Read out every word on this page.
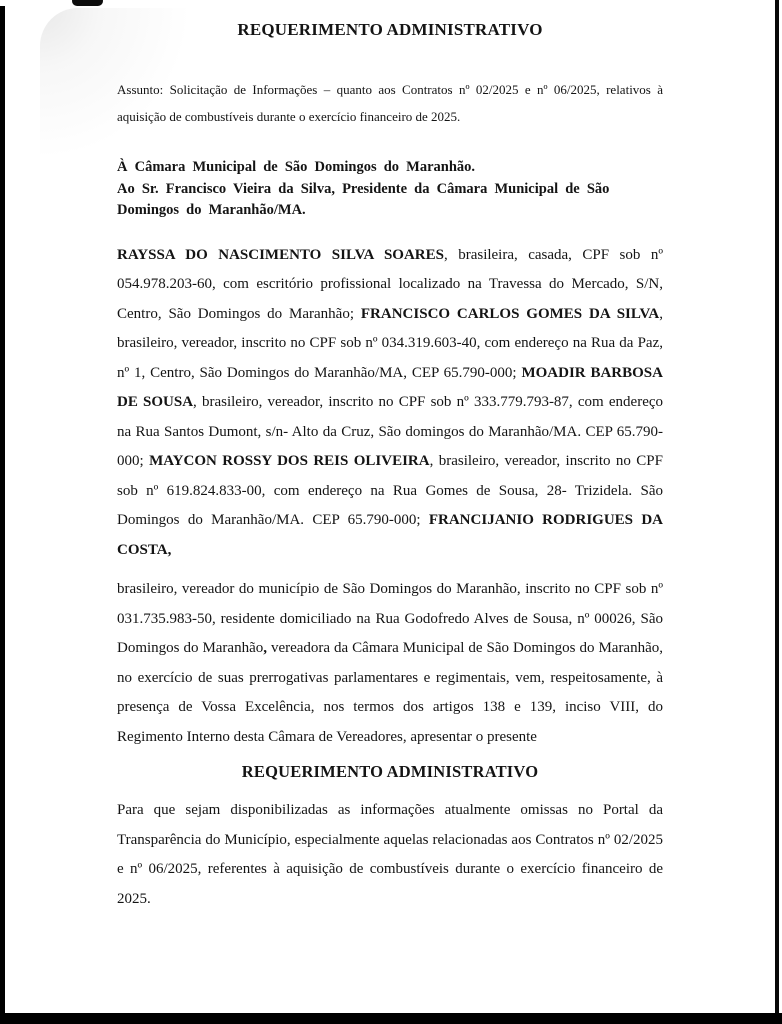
REQUERIMENTO ADMINISTRATIVO

Assunto: Solicitação de Informações – quanto aos Contratos nº 02/2025 e nº 06/2025, relativos à aquisição de combustíveis durante o exercício financeiro de 2025.

À Câmara Municipal de São Domingos do Maranhão.
Ao Sr. Francisco Vieira da Silva, Presidente da Câmara Municipal de São
Domingos do Maranhão/MA.

RAYSSA DO NASCIMENTO SILVA SOARES, brasileira, casada, CPF sob nº 054.978.203-60, com escritório profissional localizado na Travessa do Mercado, S/N, Centro, São Domingos do Maranhão; FRANCISCO CARLOS GOMES DA SILVA, brasileiro, vereador, inscrito no CPF sob nº 034.319.603-40, com endereço na Rua da Paz, nº 1, Centro, São Domingos do Maranhão/MA, CEP 65.790-000; MOADIR BARBOSA DE SOUSA, brasileiro, vereador, inscrito no CPF sob nº 333.779.793-87, com endereço na Rua Santos Dumont, s/n- Alto da Cruz, São domingos do Maranhão/MA. CEP 65.790-000; MAYCON ROSSY DOS REIS OLIVEIRA, brasileiro, vereador, inscrito no CPF sob nº 619.824.833-00, com endereço na Rua Gomes de Sousa, 28- Trizidela. São Domingos do Maranhão/MA. CEP 65.790-000; FRANCIJANIO RODRIGUES DA COSTA,

brasileiro, vereador do município de São Domingos do Maranhão, inscrito no CPF sob nº 031.735.983-50, residente domiciliado na Rua Godofredo Alves de Sousa, nº 00026, São Domingos do Maranhão, vereadora da Câmara Municipal de São Domingos do Maranhão, no exercício de suas prerrogativas parlamentares e regimentais, vem, respeitosamente, à presença de Vossa Excelência, nos termos dos artigos 138 e 139, inciso VIII, do Regimento Interno desta Câmara de Vereadores, apresentar o presente

REQUERIMENTO ADMINISTRATIVO

Para que sejam disponibilizadas as informações atualmente omissas no Portal da Transparência do Município, especialmente aquelas relacionadas aos Contratos nº 02/2025 e nº 06/2025, referentes à aquisição de combustíveis durante o exercício financeiro de 2025.
